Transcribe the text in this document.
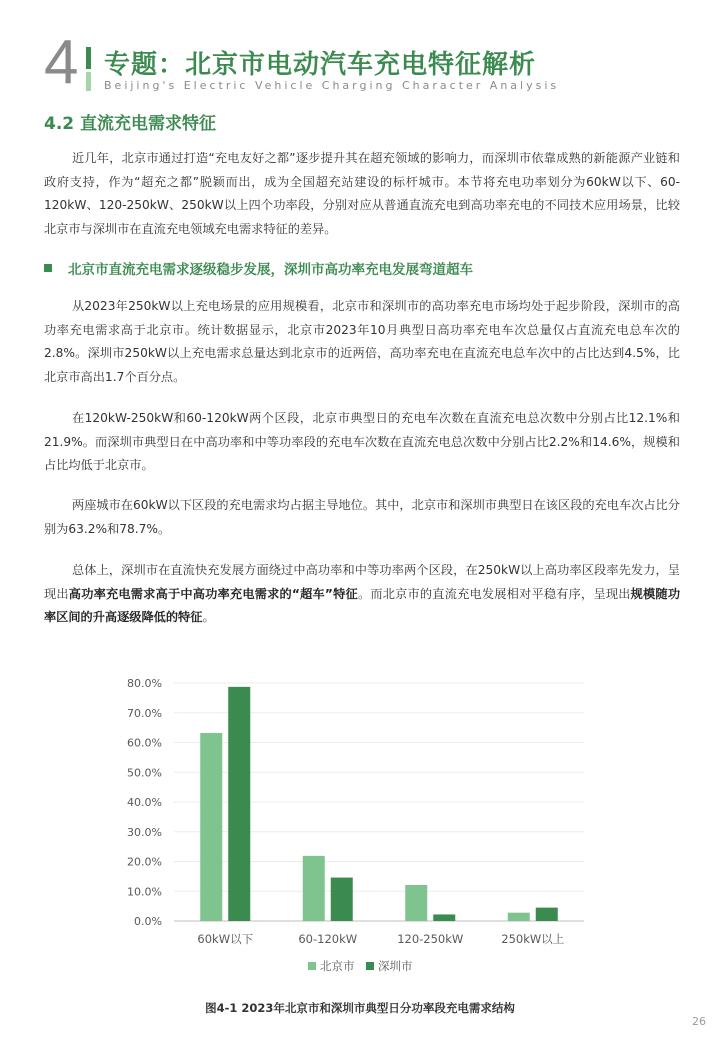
4 专题：北京市电动汽车充电特征解析
Beijing's Electric Vehicle Charging Character Analysis
4.2 直流充电需求特征

近几年，北京市通过打造“充电友好之都”逐步提升其在超充领域的影响力，而深圳市依靠成熟的新能源产业链和政府支持，作为“超充之都”脱颖而出，成为全国超充站建设的标杆城市。本节将充电功率划分为60kW以下、60-120kW、120-250kW、250kW以上四个功率段，分别对应从普通直流充电到高功率充电的不同技术应用场景，比较北京市与深圳市在直流充电领域充电需求特征的差异。

北京市直流充电需求逐级稳步发展，深圳市高功率充电发展弯道超车

从2023年250kW以上充电场景的应用规模看，北京市和深圳市的高功率充电市场均处于起步阶段，深圳市的高功率充电需求高于北京市。统计数据显示，北京市2023年10月典型日高功率充电车次总量仅占直流充电总车次的2.8%。深圳市250kW以上充电需求总量达到北京市的近两倍，高功率充电在直流充电总车次中的占比达到4.5%，比北京市高出1.7个百分点。

在120kW-250kW和60-120kW两个区段，北京市典型日的充电车次数在直流充电总次数中分别占比12.1%和21.9%。而深圳市典型日在中高功率和中等功率段的充电车次数在直流充电总次数中分别占比2.2%和14.6%，规模和占比均低于北京市。

两座城市在60kW以下区段的充电需求均占据主导地位。其中，北京市和深圳市典型日在该区段的充电车次占比分别为63.2%和78.7%。

总体上，深圳市在直流快充发展方面绕过中高功率和中等功率两个区段，在250kW以上高功率区段率先发力，呈现出高功率充电需求高于中高功率充电需求的“超车”特征。而北京市的直流充电发展相对平稳有序，呈现出规模随功率区间的升高逐级降低的特征。

0.0%
10.0%
20.0%
30.0%
40.0%
50.0%
60.0%
70.0%
80.0%
60kW以下	60-120kW	120-250kW	250kW以上
北京市 深圳市
图4-1 2023年北京市和深圳市典型日分功率段充电需求结构
26
